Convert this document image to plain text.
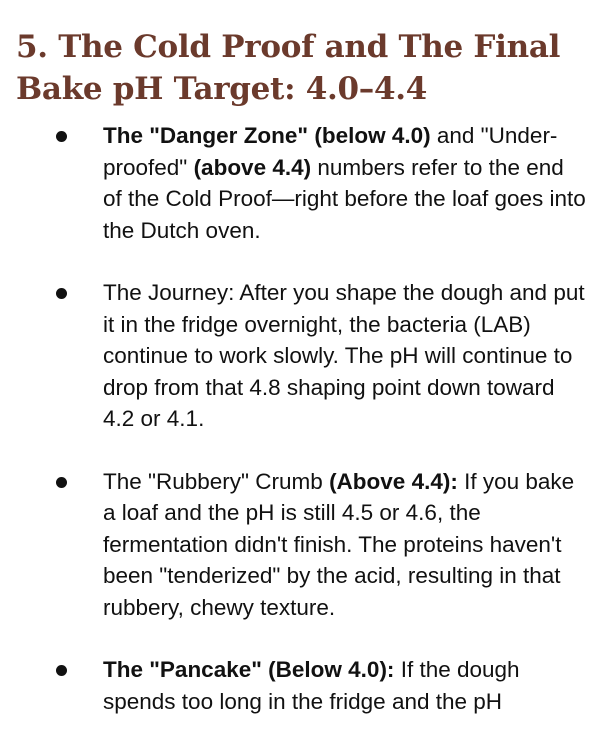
5. The Cold Proof and The Final
Bake pH Target: 4.0–4.4
The "Danger Zone" (below 4.0) and "Under-proofed" (above 4.4) numbers refer to the end of the Cold Proof—right before the loaf goes into the Dutch oven.
The Journey: After you shape the dough and put it in the fridge overnight, the bacteria (LAB) continue to work slowly. The pH will continue to drop from that 4.8 shaping point down toward 4.2 or 4.1.
The "Rubbery" Crumb (Above 4.4): If you bake a loaf and the pH is still 4.5 or 4.6, the fermentation didn't finish. The proteins haven't been "tenderized" by the acid, resulting in that rubbery, chewy texture.
The "Pancake" (Below 4.0): If the dough spends too long in the fridge and the pH
